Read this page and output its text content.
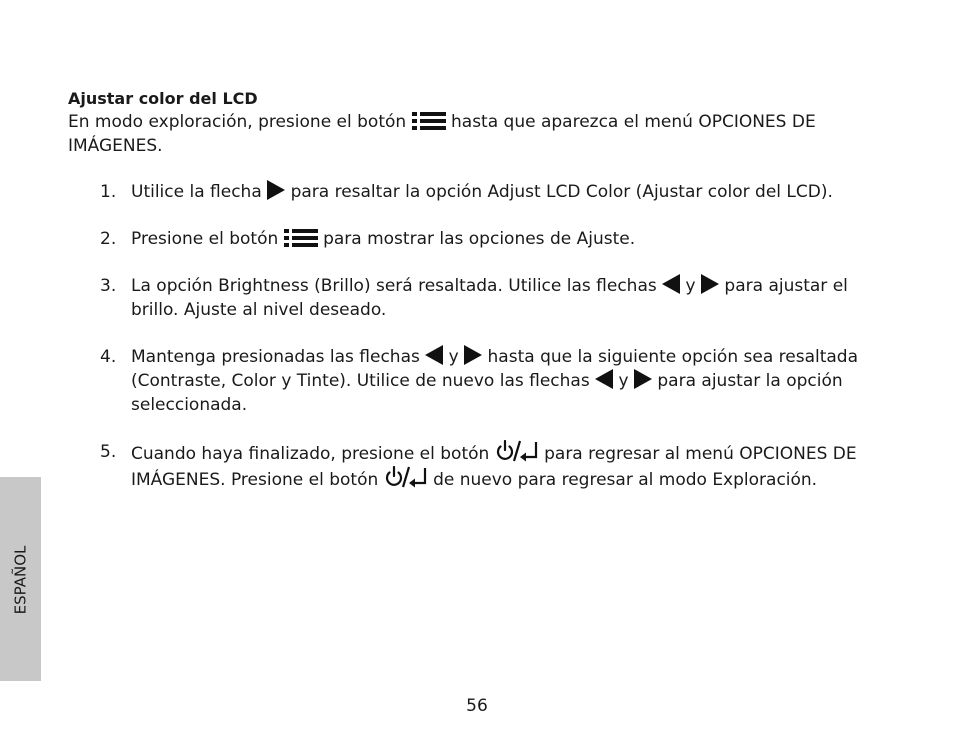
Ajustar color del LCD
En modo exploración, presione el botón	hasta que aparezca el menú OPCIONES DE IMÁGENES.
1. Utilice la flecha para resaltar la opción Adjust LCD Color (Ajustar color del LCD).
2. Presione el botón	para mostrar las opciones de Ajuste.
3. La opción Brightness (Brillo) será resaltada. Utilice las flechas y para ajustar el brillo. Ajuste al nivel deseado.
4. Mantenga presionadas las flechas y hasta que la siguiente opción sea resaltada (Contraste, Color y Tinte). Utilice de nuevo las flechas y para ajustar la opción seleccionada.
5. Cuando haya finalizado, presione el botón	para regresar al menú OPCIONES DE IMÁGENES. Presione el botón	de nuevo para regresar al modo Exploración.
ESPAÑOL
56
